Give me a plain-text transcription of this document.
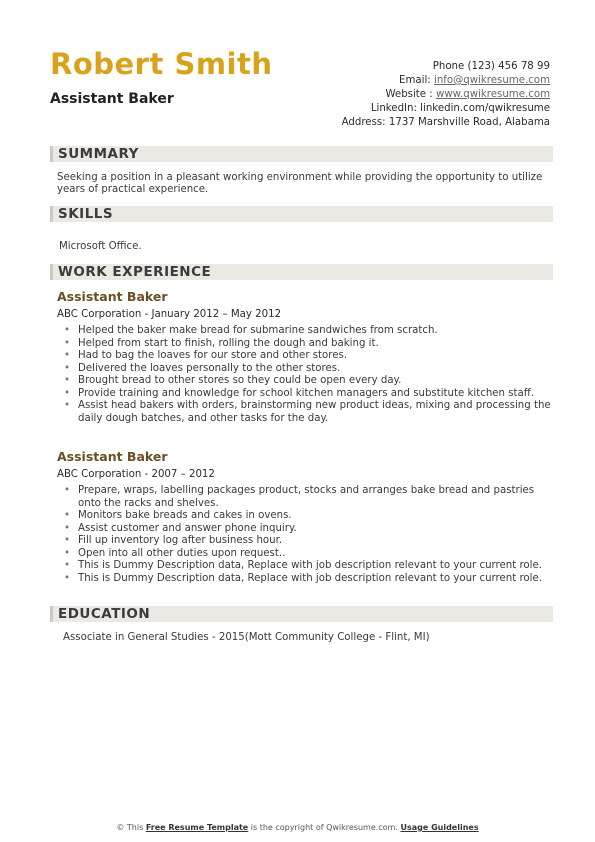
Robert Smith
Assistant Baker
Phone (123) 456 78 99
Email: info@qwikresume.com
Website : www.qwikresume.com
LinkedIn: linkedin.com/qwikresume
Address: 1737 Marshville Road, Alabama
SUMMARY
Seeking a position in a pleasant working environment while providing the opportunity to utilize years of practical experience.
SKILLS
Microsoft Office.
WORK EXPERIENCE
Assistant Baker
ABC Corporation - January 2012 – May 2012
• Helped the baker make bread for submarine sandwiches from scratch.
• Helped from start to finish, rolling the dough and baking it.
• Had to bag the loaves for our store and other stores.
• Delivered the loaves personally to the other stores.
• Brought bread to other stores so they could be open every day.
• Provide training and knowledge for school kitchen managers and substitute kitchen staff.
• Assist head bakers with orders, brainstorming new product ideas, mixing and processing the daily dough batches, and other tasks for the day.
Assistant Baker
ABC Corporation - 2007 – 2012
• Prepare, wraps, labelling packages product, stocks and arranges bake bread and pastries onto the racks and shelves.
• Monitors bake breads and cakes in ovens.
• Assist customer and answer phone inquiry.
• Fill up inventory log after business hour.
• Open into all other duties upon request..
• This is Dummy Description data, Replace with job description relevant to your current role.
• This is Dummy Description data, Replace with job description relevant to your current role.
EDUCATION
Associate in General Studies - 2015(Mott Community College - Flint, MI)
© This Free Resume Template is the copyright of Qwikresume.com. Usage Guidelines
